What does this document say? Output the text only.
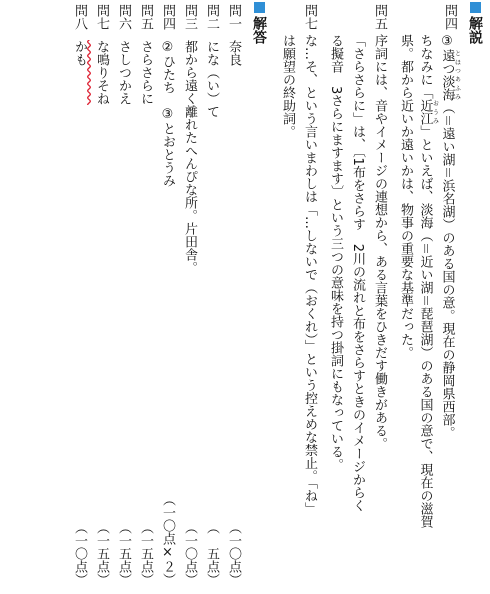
解説
問四
③遠つ淡海 とほつあふみ（＝遠い湖＝浜名湖）のある国の意。現在の静岡県西部。
ちなみに「近江 おうみ」といえば、淡海（＝近い湖＝琵琶湖）のある国の意で、現在の滋賀
県。都から近いか遠いかは、物事の重要な基準だった。
問五
序詞には、音やイメージの連想から、ある言葉をひきだす働きがある。
「さらさらに」は、〔1布をさらす　2川の流れと布をさらすときのイメージからく
る擬音　3さらにますます〕という三つの意味を持つ掛詞にもなっている。
問七
な…そ、という言いまわしは「…しないで（おくれ）」という控えめな禁止。「ね」
は願望の終助詞。
解答
問一
奈良
（一〇点）
問二
にな（い）て
（　五点）
問三
都から遠く離れたへんぴな所。片田舎。
（一〇点）
問四
②ひたち　③とおとうみ
（一〇点×２）
問五
さらさらに
（一五点）
問六
さしつかえ
（一五点）
問七
な鳴りそね
（一五点）
問八
かも
（一〇点）
